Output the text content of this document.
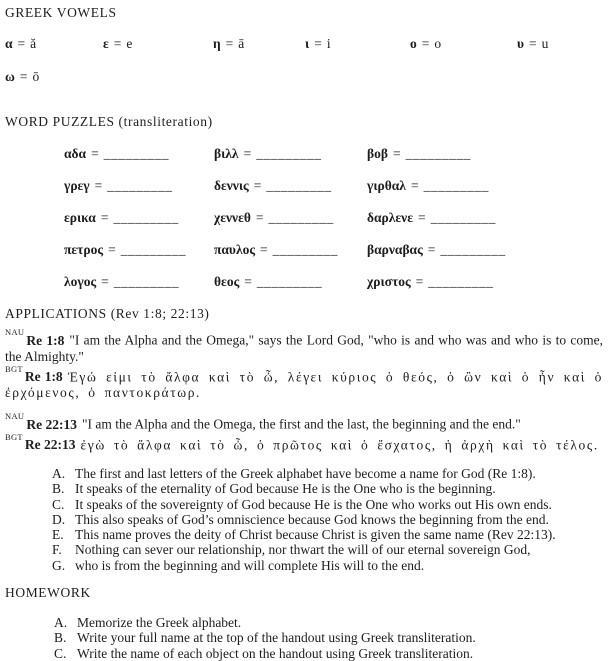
GREEK VOWELS
α = ă	ε = e	η = ā	ι = i	ο = o	υ = u
ω = ō
WORD PUZZLES (transliteration)
αδα = _________	βιλλ = _________	βοβ = _________
γρεγ = _________	δεννις = _________	γιρθαλ = _________
ερικα = _________	χεννεθ = _________	δαρλενε = _________
πετρος = _________	παυλος = _________	βαρναβας = _________
λογος = _________	θεος = _________	χριστος = _________
APPLICATIONS (Rev 1:8; 22:13)

$^{NAU}$Re 1:8 "I am the Alpha and the Omega," says the Lord God, "who is and who was and who is to come, the Almighty."

$^{BGT}$Re 1:8 Ἐγώ εἰμι τὸ ἄλφα καὶ τὸ ὦ, λέγει κύριος ὁ θεός, ὁ ὢν καὶ ὁ ἦν καὶ ὁ ἐρχόμενος, ὁ παντοκράτωρ.

$^{NAU}$Re 22:13 "I am the Alpha and the Omega, the first and the last, the beginning and the end."

$^{BGT}$Re 22:13 ἐγὼ τὸ ἄλφα καὶ τὸ ὦ, ὁ πρῶτος καὶ ὁ ἔσχατος, ἡ ἀρχὴ καὶ τὸ τέλος.

A. The first and last letters of the Greek alphabet have become a name for God (Re 1:8).
B. It speaks of the eternality of God because He is the One who is the beginning.
C. It speaks of the sovereignty of God because He is the One who works out His own ends.
D. This also speaks of God’s omniscience because God knows the beginning from the end.
E. This name proves the deity of Christ because Christ is given the same name (Rev 22:13).
F. Nothing can sever our relationship, nor thwart the will of our eternal sovereign God,
G. who is from the beginning and will complete His will to the end.
HOMEWORK
A. Memorize the Greek alphabet.
B. Write your full name at the top of the handout using Greek transliteration.
C. Write the name of each object on the handout using Greek transliteration.
